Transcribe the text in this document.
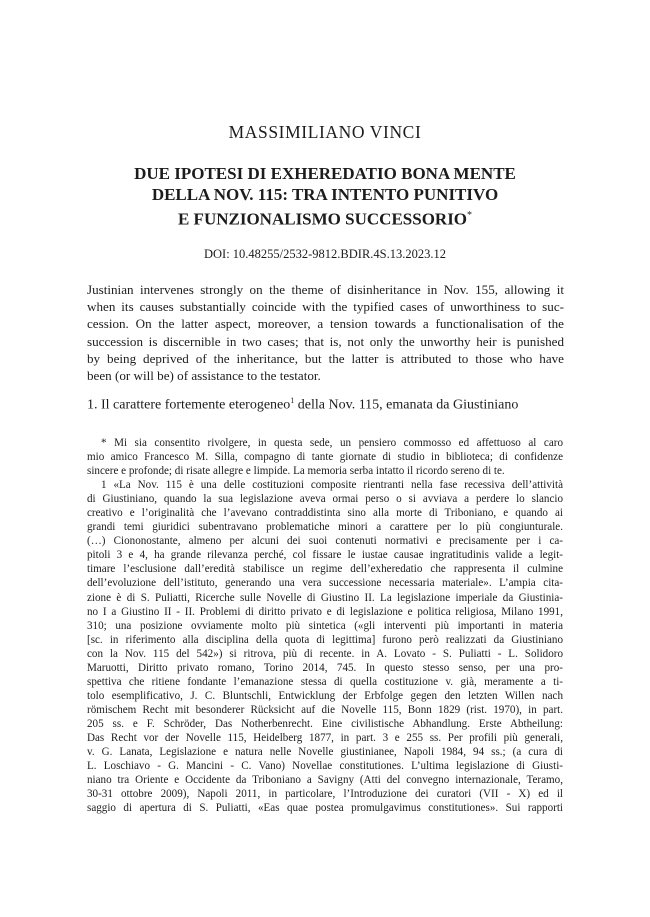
MASSIMILIANO VINCI
DUE IPOTESI DI EXHEREDATIO BONA MENTE
DELLA NOV. 115: TRA INTENTO PUNITIVO
E FUNZIONALISMO SUCCESSORIO*
DOI: 10.48255/2532-9812.BDIR.4S.13.2023.12
Justinian intervenes strongly on the theme of disinheritance in Nov. 155, allowing it
when its causes substantially coincide with the typified cases of unworthiness to suc-
cession. On the latter aspect, moreover, a tension towards a functionalisation of the
succession is discernible in two cases; that is, not only the unworthy heir is punished
by being deprived of the inheritance, but the latter is attributed to those who have
been (or will be) of assistance to the testator.
1. Il carattere fortemente eterogeneo$^1$ della Nov. 115, emanata da Giustiniano
* Mi sia consentito rivolgere, in questa sede, un pensiero commosso ed affettuoso al caro
mio amico Francesco M. Silla, compagno di tante giornate di studio in biblioteca; di confidenze
sincere e profonde; di risate allegre e limpide. La memoria serba intatto il ricordo sereno di te.
1 «La Nov. 115 è una delle costituzioni composite rientranti nella fase recessiva dell’attività
di Giustiniano, quando la sua legislazione aveva ormai perso o si avviava a perdere lo slancio
creativo e l’originalità che l’avevano contraddistinta sino alla morte di Triboniano, e quando ai
grandi temi giuridici subentravano problematiche minori a carattere per lo più congiunturale.
(…) Ciononostante, almeno per alcuni dei suoi contenuti normativi e precisamente per i ca-
pitoli 3 e 4, ha grande rilevanza perché, col fissare le iustae causae ingratitudinis valide a legit-
timare l’esclusione dall’eredità stabilisce un regime dell’exheredatio che rappresenta il culmine
dell’evoluzione dell’istituto, generando una vera successione necessaria materiale». L’ampia cita-
zione è di S. Puliatti, Ricerche sulle Novelle di Giustino II. La legislazione imperiale da Giustinia-
no I a Giustino II - II. Problemi di diritto privato e di legislazione e politica religiosa, Milano 1991,
310; una posizione ovviamente molto più sintetica («gli interventi più importanti in materia
[sc. in riferimento alla disciplina della quota di legittima] furono però realizzati da Giustiniano
con la Nov. 115 del 542») si ritrova, più di recente. in A. Lovato - S. Puliatti - L. Solidoro
Maruotti, Diritto privato romano, Torino 2014, 745. In questo stesso senso, per una pro-
spettiva che ritiene fondante l’emanazione stessa di quella costituzione v. già, meramente a ti-
tolo esemplificativo, J. C. Bluntschli, Entwicklung der Erbfolge gegen den letzten Willen nach
römischem Recht mit besonderer Rücksicht auf die Novelle 115, Bonn 1829 (rist. 1970), in part.
205 ss. e F. Schröder, Das Notherbenrecht. Eine civilistische Abhandlung. Erste Abtheilung:
Das Recht vor der Novelle 115, Heidelberg 1877, in part. 3 e 255 ss. Per profili più generali,
v. G. Lanata, Legislazione e natura nelle Novelle giustinianee, Napoli 1984, 94 ss.; (a cura di
L. Loschiavo - G. Mancini - C. Vano) Novellae constitutiones. L’ultima legislazione di Giusti-
niano tra Oriente e Occidente da Triboniano a Savigny (Atti del convegno internazionale, Teramo,
30-31 ottobre 2009), Napoli 2011, in particolare, l’Introduzione dei curatori (VII - X) ed il
saggio di apertura di S. Puliatti, «Eas quae postea promulgavimus constitutiones». Sui rapporti
